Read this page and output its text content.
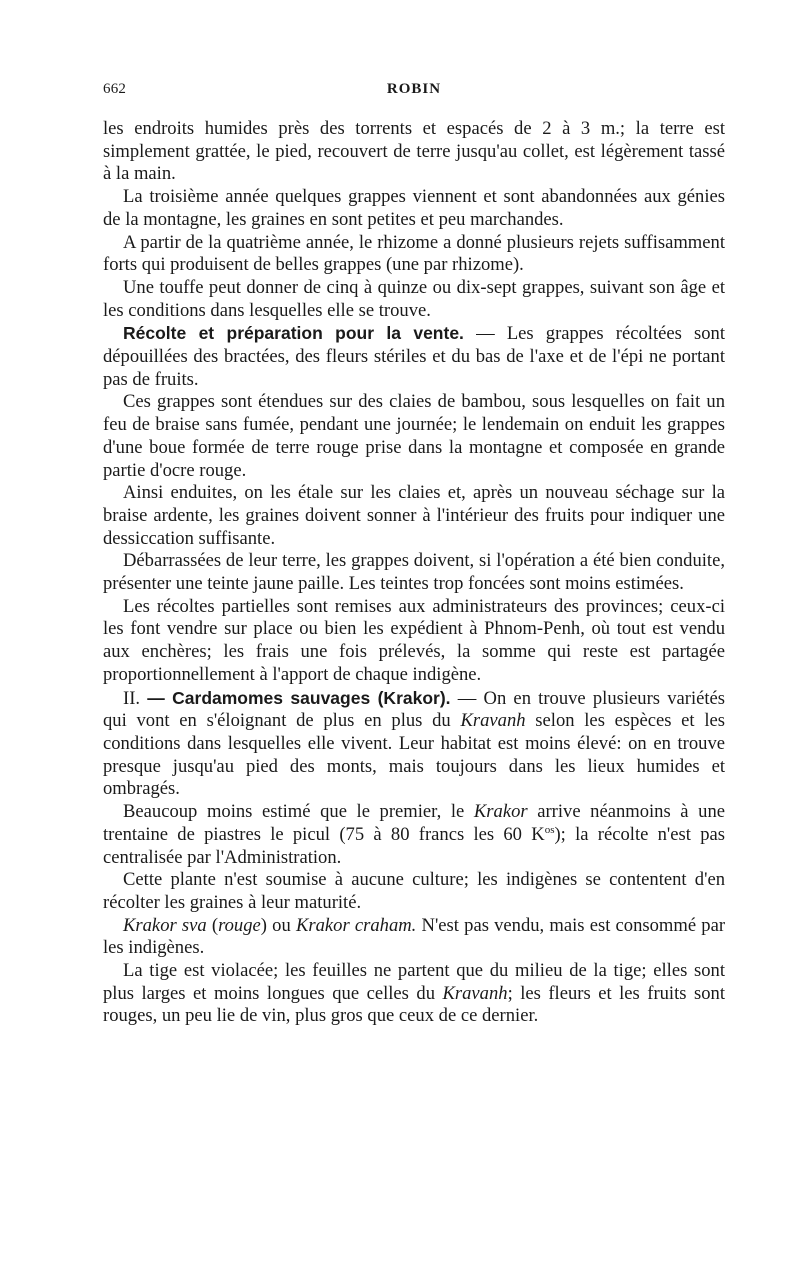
662	ROBIN

les endroits humides près des torrents et espacés de 2 à 3 m.; la terre est simplement grattée, le pied, recouvert de terre jusqu'au collet, est légèrement tassé à la main.

La troisième année quelques grappes viennent et sont abandonnées aux génies de la montagne, les graines en sont petites et peu marchandes.

A partir de la quatrième année, le rhizome a donné plusieurs rejets suffisamment forts qui produisent de belles grappes (une par rhizome).

Une touffe peut donner de cinq à quinze ou dix-sept grappes, suivant son âge et les conditions dans lesquelles elle se trouve.

Récolte et préparation pour la vente. — Les grappes récoltées sont dépouillées des bractées, des fleurs stériles et du bas de l'axe et de l'épi ne portant pas de fruits.

Ces grappes sont étendues sur des claies de bambou, sous lesquelles on fait un feu de braise sans fumée, pendant une journée; le lendemain on enduit les grappes d'une boue formée de terre rouge prise dans la montagne et composée en grande partie d'ocre rouge.

Ainsi enduites, on les étale sur les claies et, après un nouveau séchage sur la braise ardente, les graines doivent sonner à l'intérieur des fruits pour indiquer une dessiccation suffisante.

Débarrassées de leur terre, les grappes doivent, si l'opération a été bien conduite, présenter une teinte jaune paille. Les teintes trop foncées sont moins estimées.

Les récoltes partielles sont remises aux administrateurs des provinces; ceux-ci les font vendre sur place ou bien les expédient à Phnom-Penh, où tout est vendu aux enchères; les frais une fois prélevés, la somme qui reste est partagée proportionnellement à l'apport de chaque indigène.

II. — Cardamomes sauvages (Krakor). — On en trouve plusieurs variétés qui vont en s'éloignant de plus en plus du Kravanh selon les espèces et les conditions dans lesquelles elle vivent. Leur habitat est moins élevé: on en trouve presque jusqu'au pied des monts, mais toujours dans les lieux humides et ombragés.

Beaucoup moins estimé que le premier, le Krakor arrive néanmoins à une trentaine de piastres le picul (75 à 80 francs les 60 $K^{os}$); la récolte n'est pas centralisée par l'Administration.

Cette plante n'est soumise à aucune culture; les indigènes se contentent d'en récolter les graines à leur maturité.

Krakor sva (rouge) ou Krakor craham. N'est pas vendu, mais est consommé par les indigènes.

La tige est violacée; les feuilles ne partent que du milieu de la tige; elles sont plus larges et moins longues que celles du Kravanh; les fleurs et les fruits sont rouges, un peu lie de vin, plus gros que ceux de ce dernier.
